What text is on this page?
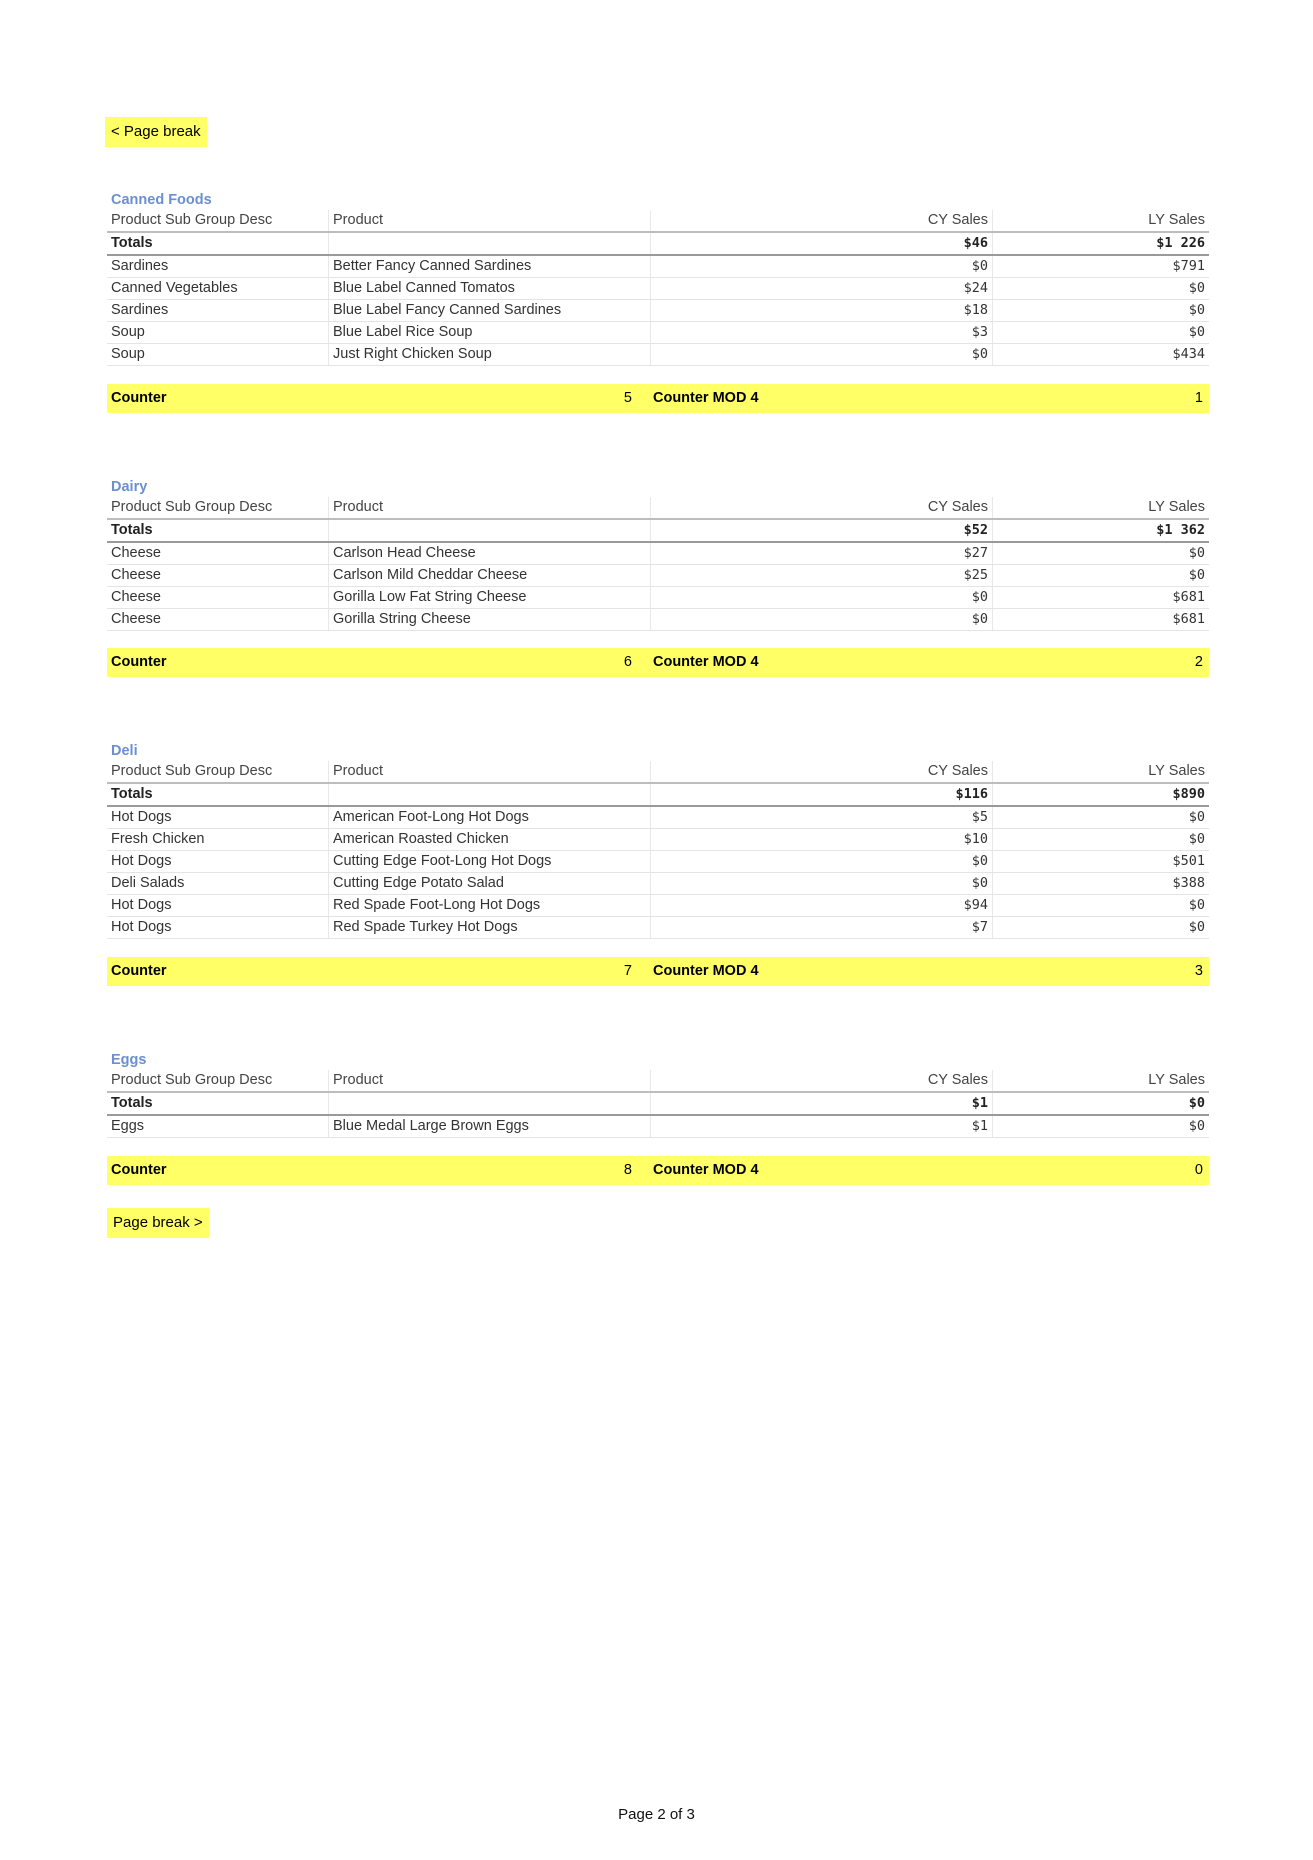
< Page break
Canned Foods
Product Sub Group Desc	Product	CY Sales	LY Sales
Totals		$46	$1 226
Sardines	Better Fancy Canned Sardines	$0	$791
Canned Vegetables	Blue Label Canned Tomatos	$24	$0
Sardines	Blue Label Fancy Canned Sardines	$18	$0
Soup	Blue Label Rice Soup	$3	$0
Soup	Just Right Chicken Soup	$0	$434
Counter	5 Counter MOD 4	1
Dairy
Product Sub Group Desc	Product	CY Sales	LY Sales
Totals		$52	$1 362
Cheese	Carlson Head Cheese	$27	$0
Cheese	Carlson Mild Cheddar Cheese	$25	$0
Cheese	Gorilla Low Fat String Cheese	$0	$681
Cheese	Gorilla String Cheese	$0	$681
Counter	6 Counter MOD 4	2
Deli
Product Sub Group Desc	Product	CY Sales	LY Sales
Totals		$116	$890
Hot Dogs	American Foot-Long Hot Dogs	$5	$0
Fresh Chicken	American Roasted Chicken	$10	$0
Hot Dogs	Cutting Edge Foot-Long Hot Dogs	$0	$501
Deli Salads	Cutting Edge Potato Salad	$0	$388
Hot Dogs	Red Spade Foot-Long Hot Dogs	$94	$0
Hot Dogs	Red Spade Turkey Hot Dogs	$7	$0
Counter	7 Counter MOD 4	3
Eggs
Product Sub Group Desc	Product	CY Sales	LY Sales
Totals		$1	$0
Eggs	Blue Medal Large Brown Eggs	$1	$0
Counter	8 Counter MOD 4	0
Page break >
Page 2 of 3
